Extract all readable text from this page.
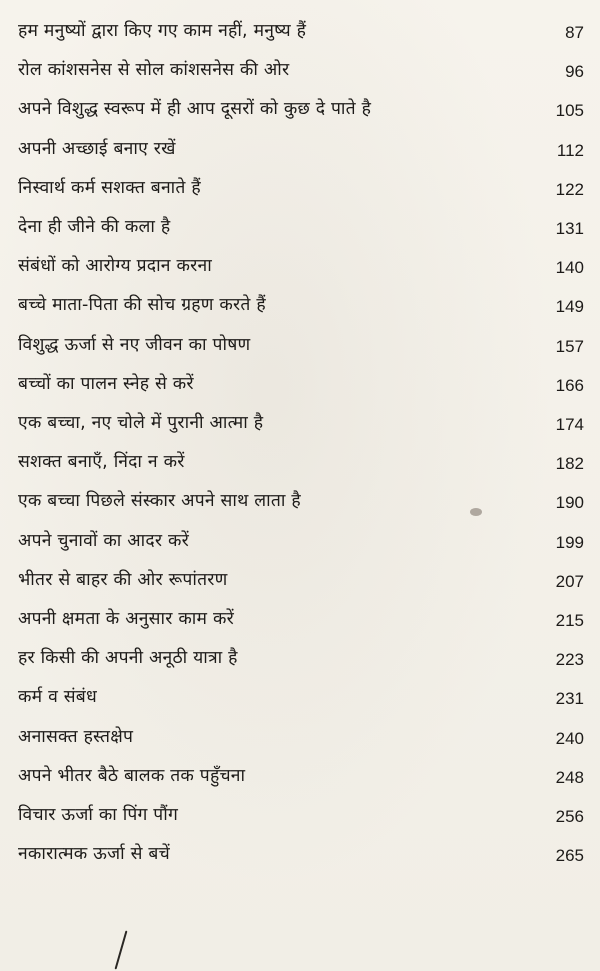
हम मनुष्यों द्वारा किए गए काम नहीं, मनुष्य हैं	87
रोल कांशसनेस से सोल कांशसनेस की ओर	96
अपने विशुद्ध स्वरूप में ही आप दूसरों को कुछ दे पाते है	105
अपनी अच्छाई बनाए रखें	112
निस्वार्थ कर्म सशक्त बनाते हैं	122
देना ही जीने की कला है	131
संबंधों को आरोग्य प्रदान करना	140
बच्चे माता-पिता की सोच ग्रहण करते हैं	149
विशुद्ध ऊर्जा से नए जीवन का पोषण	157
बच्चों का पालन स्नेह से करें	166
एक बच्चा, नए चोले में पुरानी आत्मा है	174
सशक्त बनाएँ, निंदा न करें	182
एक बच्चा पिछले संस्कार अपने साथ लाता है	190
अपने चुनावों का आदर करें	199
भीतर से बाहर की ओर रूपांतरण	207
अपनी क्षमता के अनुसार काम करें	215
हर किसी की अपनी अनूठी यात्रा है	223
कर्म व संबंध	231
अनासक्त हस्तक्षेप	240
अपने भीतर बैठे बालक तक पहुँचना	248
विचार ऊर्जा का पिंग पौंग	256
नकारात्मक ऊर्जा से बचें	265
